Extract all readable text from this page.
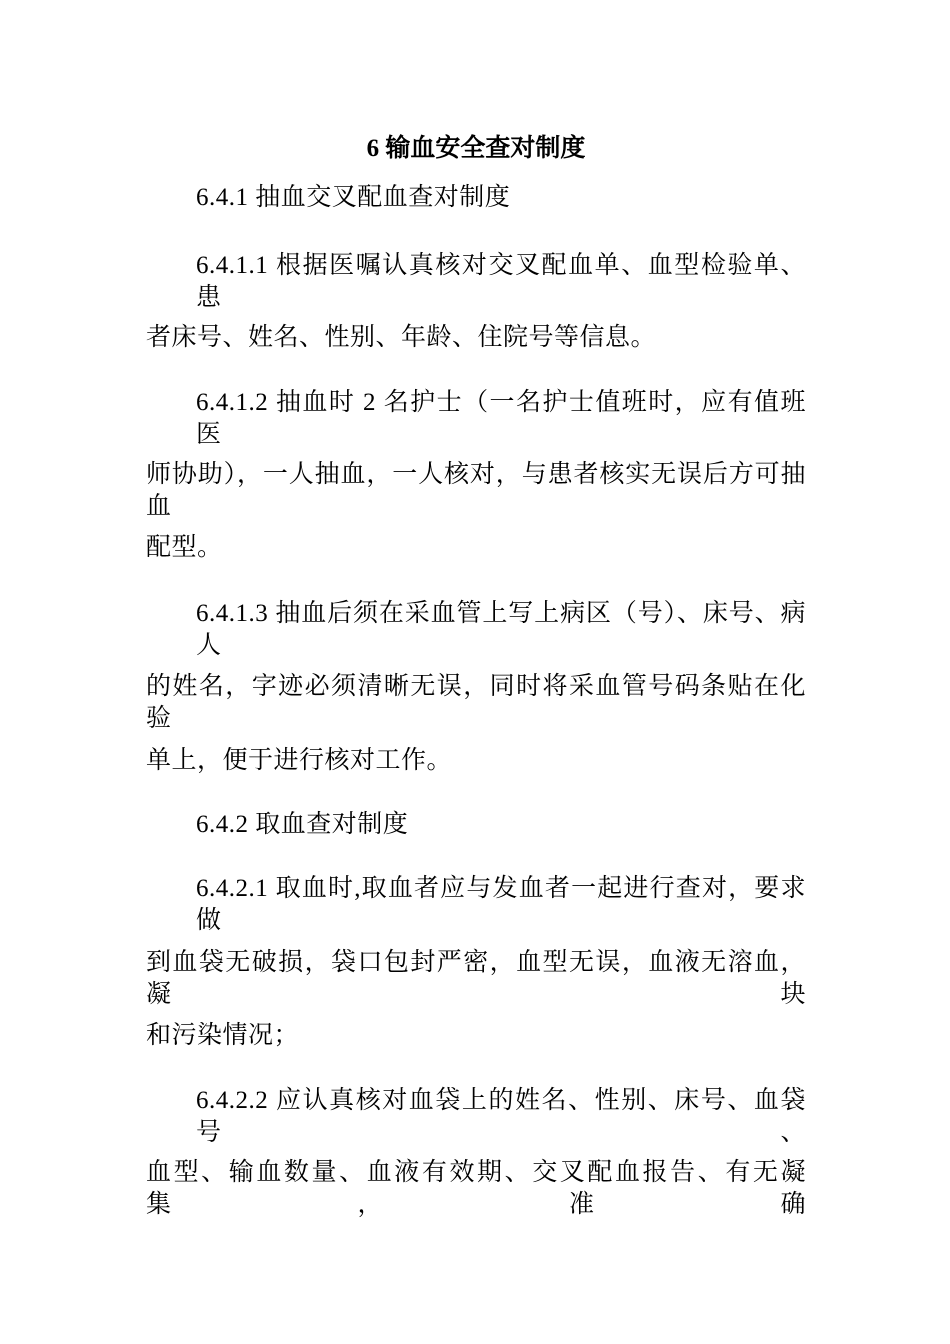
6 输血安全查对制度
6.4.1 抽血交叉配血查对制度
6.4.1.1 根据医嘱认真核对交叉配血单、血型检验单、患
者床号、姓名、性别、年龄、住院号等信息。
6.4.1.2 抽血时 2 名护士（一名护士值班时，应有值班医
师协助），一人抽血，一人核对，与患者核实无误后方可抽血
配型。
6.4.1.3 抽血后须在采血管上写上病区（号）、床号、病人
的姓名，字迹必须清晰无误，同时将采血管号码条贴在化验
单上，便于进行核对工作。
6.4.2 取血查对制度
6.4.2.1 取血时,取血者应与发血者一起进行查对，要求做
到血袋无破损，袋口包封严密，血型无误，血液无溶血，凝块
和污染情况；
6.4.2.2 应认真核对血袋上的姓名、性别、床号、血袋号、
血型、输血数量、血液有效期、交叉配血报告、有无凝集，准确
